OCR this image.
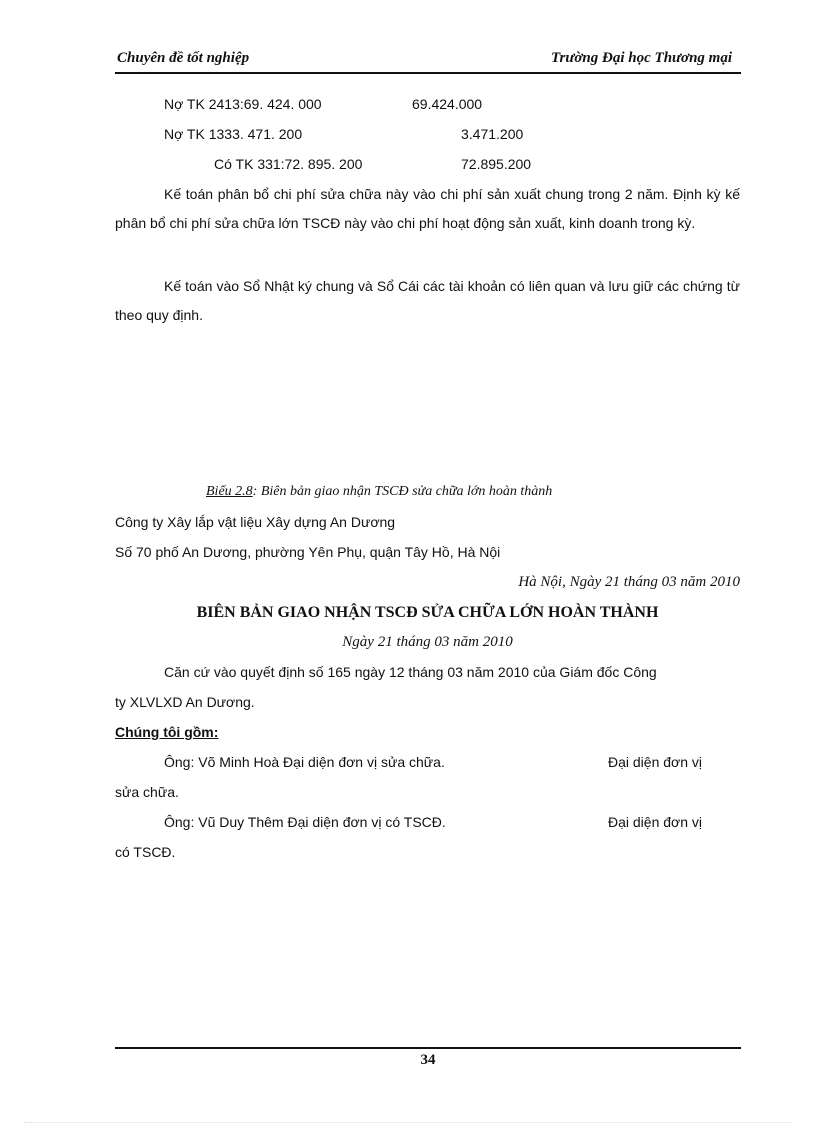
Chuyên đề tốt nghiệp	Trường Đại học Thương mại
Nợ TK 2413:69. 424. 000	69.424.000
Nợ TK 1333. 471. 200	3.471.200
Có TK 331:72. 895. 200	72.895.200

Kế toán phân bổ chi phí sửa chữa này vào chi phí sản xuất chung trong 2 năm. Định kỳ kế phân bổ chi phí sửa chữa lớn TSCĐ này vào chi phí hoạt động sản xuất, kinh doanh trong kỳ.

Kế toán vào Sổ Nhật ký chung và Sổ Cái các tài khoản có liên quan và lưu giữ các chứng từ theo quy định.

Biểu 2.8: Biên bản giao nhận TSCĐ sửa chữa lớn hoàn thành
Công ty Xây lắp vật liệu Xây dựng An Dương
Số 70 phố An Dương, phường Yên Phụ, quận Tây Hồ, Hà Nội
Hà Nội, Ngày 21 tháng 03 năm 2010
BIÊN BẢN GIAO NHẬN TSCĐ SỬA CHỮA LỚN HOÀN THÀNH
Ngày 21 tháng 03 năm 2010
Căn cứ vào quyết định số 165 ngày 12 tháng 03 năm 2010 của Giám đốc Công
ty XLVLXD An Dương.
Chúng tôi gồm:
Ông: Võ Minh Hoà Đại diện đơn vị sửa chữa.	Đại diện đơn vị
sửa chữa.
Ông: Vũ Duy Thêm Đại diện đơn vị có TSCĐ.	Đại diện đơn vị
có TSCĐ.
34
